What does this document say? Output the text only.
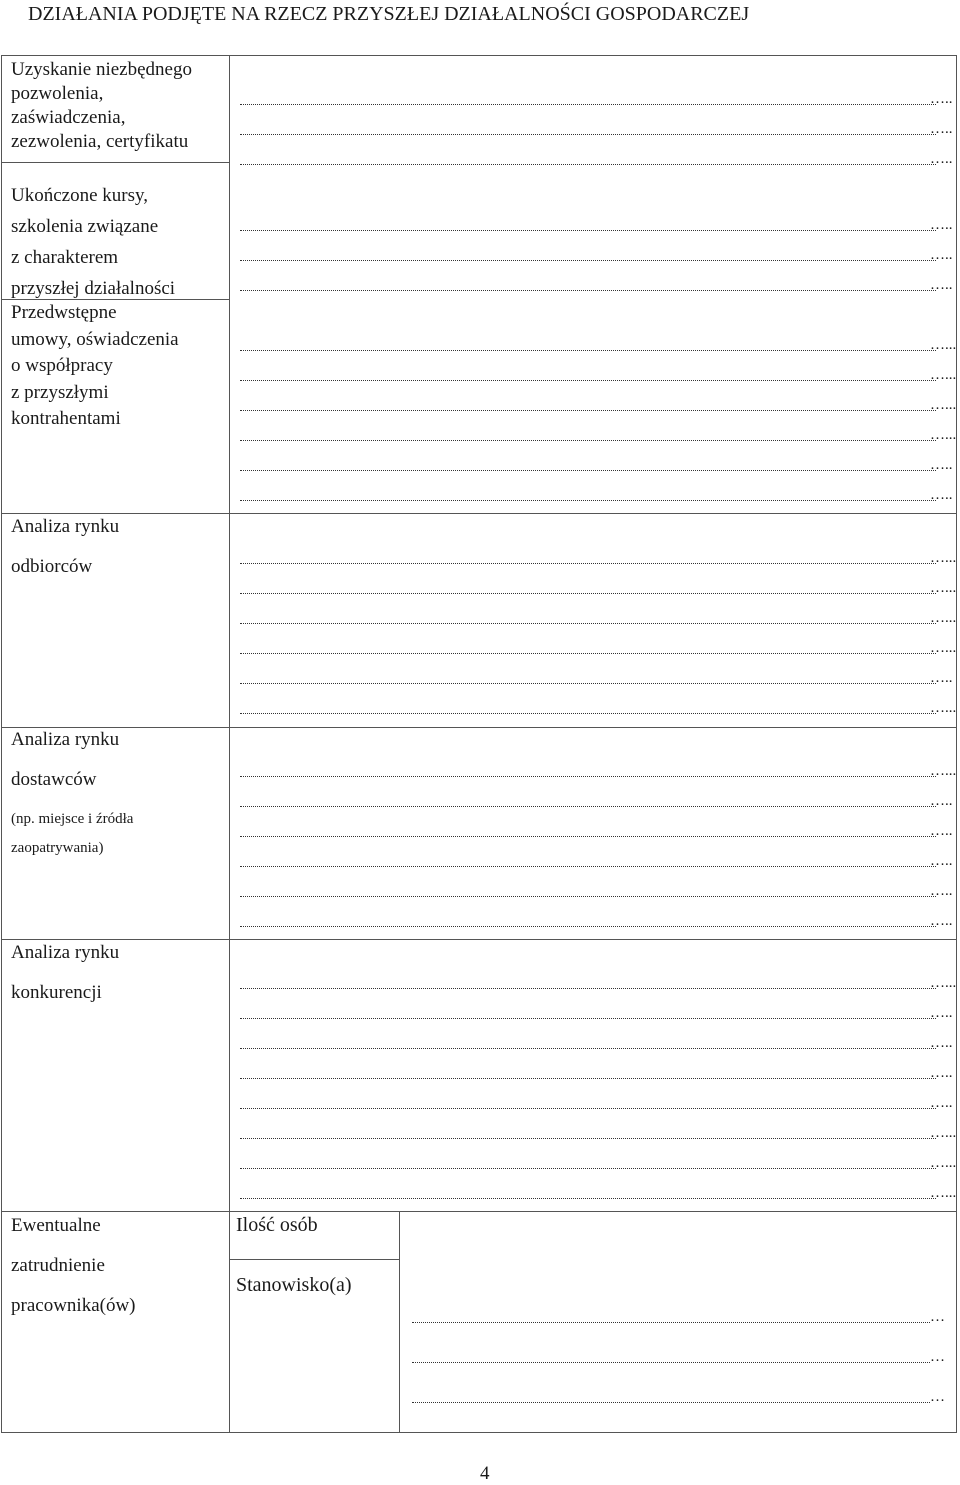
DZIAŁANIA PODJĘTE NA RZECZ PRZYSZŁEJ DZIAŁALNOŚCI GOSPODARCZEJ
Uzyskanie niezbędnego
pozwolenia,
zaświadczenia,
zezwolenia, certyfikatu
Ukończone kursy,
szkolenia związane
z charakterem
przyszłej działalności
Przedwstępne
umowy, oświadczenia
o współpracy
z przyszłymi
kontrahentami
Analiza rynku
odbiorców
Analiza rynku
dostawców
(np. miejsce i źródła
zaopatrywania)
Analiza rynku
konkurencji
Ewentualne
zatrudnienie
pracownika(ów)
Ilość osób
Stanowisko(a)
…..
…..
…..
…..
…..
…..
…...
…...
…...
…...
…..
…..
…...
…...
…...
…...
…..
…...
…...
…..
…..
…..
…..
…..
…...
…..
…..
…..
…..
…...
…...
…...
…
…
…
4
